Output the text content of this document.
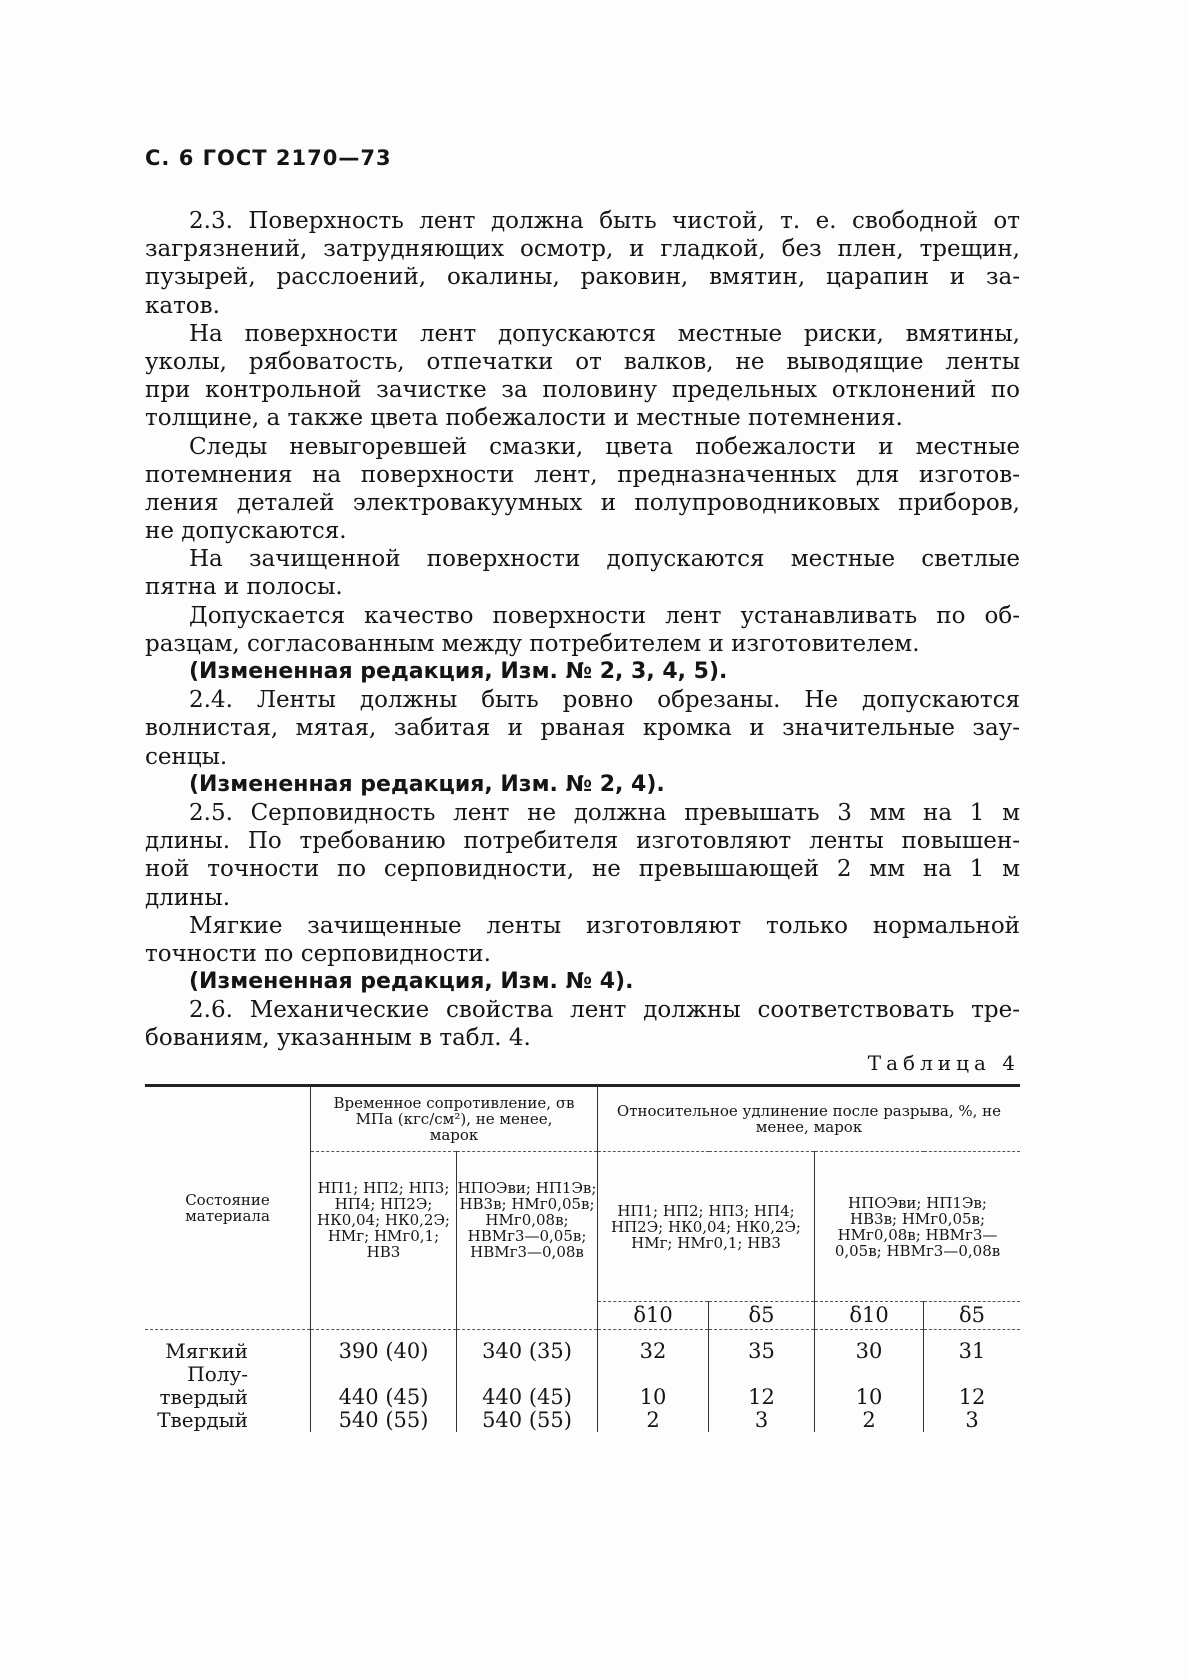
С. 6 ГОСТ 2170—73
2.3. Поверхность лент должна быть чистой, т. е. свободной от
загрязнений, затрудняющих осмотр, и гладкой, без плен, трещин,
пузырей, расслоений, окалины, раковин, вмятин, царапин и за-
катов.
На поверхности лент допускаются местные риски, вмятины,
уколы, рябоватость, отпечатки от валков, не выводящие ленты
при контрольной зачистке за половину предельных отклонений по
толщине, а также цвета побежалости и местные потемнения.
Следы невыгоревшей смазки, цвета побежалости и местные
потемнения на поверхности лент, предназначенных для изготов-
ления деталей электровакуумных и полупроводниковых приборов,
не допускаются.
На зачищенной поверхности допускаются местные светлые
пятна и полосы.
Допускается качество поверхности лент устанавливать по об-
разцам, согласованным между потребителем и изготовителем.
(Измененная редакция, Изм. № 2, 3, 4, 5).
2.4. Ленты должны быть ровно обрезаны. Не допускаются
волнистая, мятая, забитая и рваная кромка и значительные зау-
сенцы.
(Измененная редакция, Изм. № 2, 4).
2.5. Серповидность лент не должна превышать 3 мм на 1 м
длины. По требованию потребителя изготовляют ленты повышен-
ной точности по серповидности, не превышающей 2 мм на 1 м
длины.
Мягкие зачищенные ленты изготовляют только нормальной
точности по серповидности.
(Измененная редакция, Изм. № 4).
2.6. Механические свойства лент должны соответствовать тре-
бованиям, указанным в табл. 4.
Таблица 4
Состояние материала	Временное сопротивление, σв МПа (кгс/см²), не менее, марок		Относительное удлинение после разрыва, %, не менее, марок			
	НП1; НП2; НП3; НП4; НП2Э; НК0,04; НК0,2Э; НМг; НМг0,1; НВ3	НПОЭви; НП1Эв; НВ3в; НМг0,05в; НМг0,08в; НВМг3—0,05в; НВМг3—0,08в	НП1; НП2; НП3; НП4; НП2Э; НК0,04; НК0,2Э; НМг; НМг0,1; НВ3		НПОЭви; НП1Эв; НВ3в; НМг0,05в; НМг0,08в; НВМг3—0,05в; НВМг3—0,08в	
			δ10	δ5	δ10	δ5
Мягкий	390 (40)	340 (35)	32	35	30	31
Полу- твердый	440 (45)	440 (45)	10	12	10	12
Твердый	540 (55)	540 (55)	2	3	2	3
